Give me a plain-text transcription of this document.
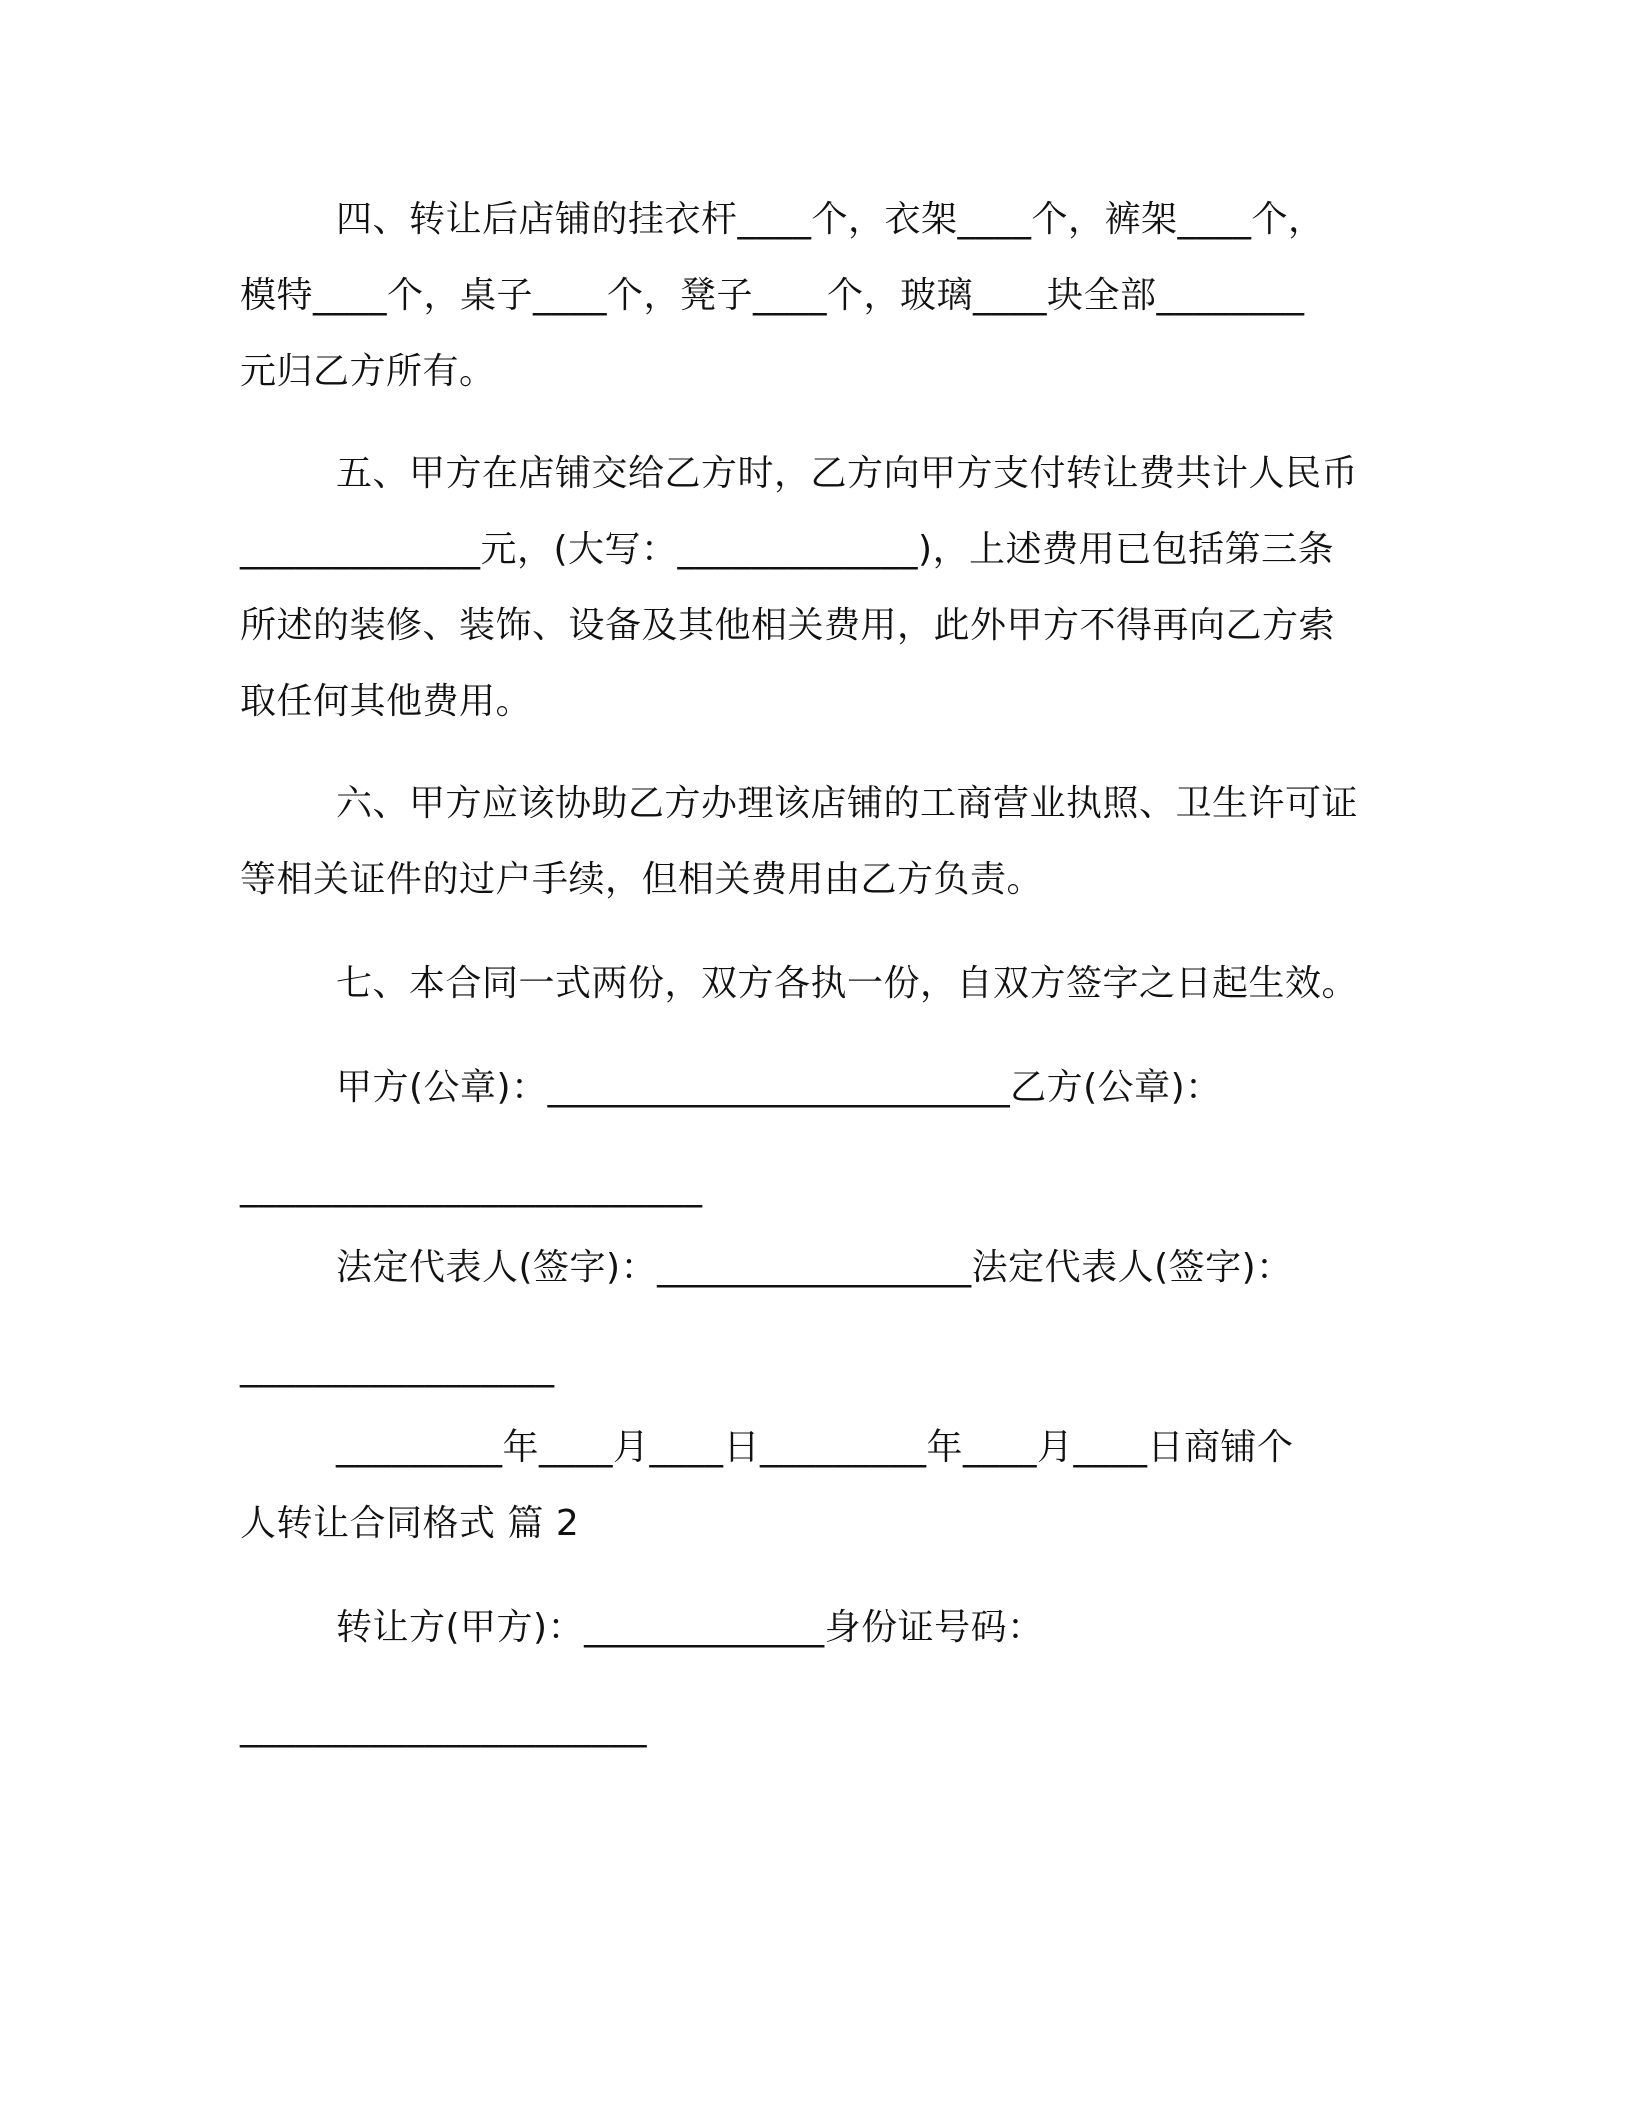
四、转让后店铺的挂衣杆____个，衣架____个，裤架____个，
模特____个，桌子____个，凳子____个，玻璃____块全部________
元归乙方所有。
五、甲方在店铺交给乙方时，乙方向甲方支付转让费共计人民币
_____________元，(大写：_____________)，上述费用已包括第三条
所述的装修、装饰、设备及其他相关费用，此外甲方不得再向乙方索
取任何其他费用。
六、甲方应该协助乙方办理该店铺的工商营业执照、卫生许可证
等相关证件的过户手续，但相关费用由乙方负责。
七、本合同一式两份，双方各执一份，自双方签字之日起生效。
甲方(公章)：_________________________乙方(公章)：
_________________________
法定代表人(签字)：_________________法定代表人(签字)：
_________________
_________年____月____日_________年____月____日商铺个
人转让合同格式 篇 2
转让方(甲方)：_____________身份证号码：
______________________
